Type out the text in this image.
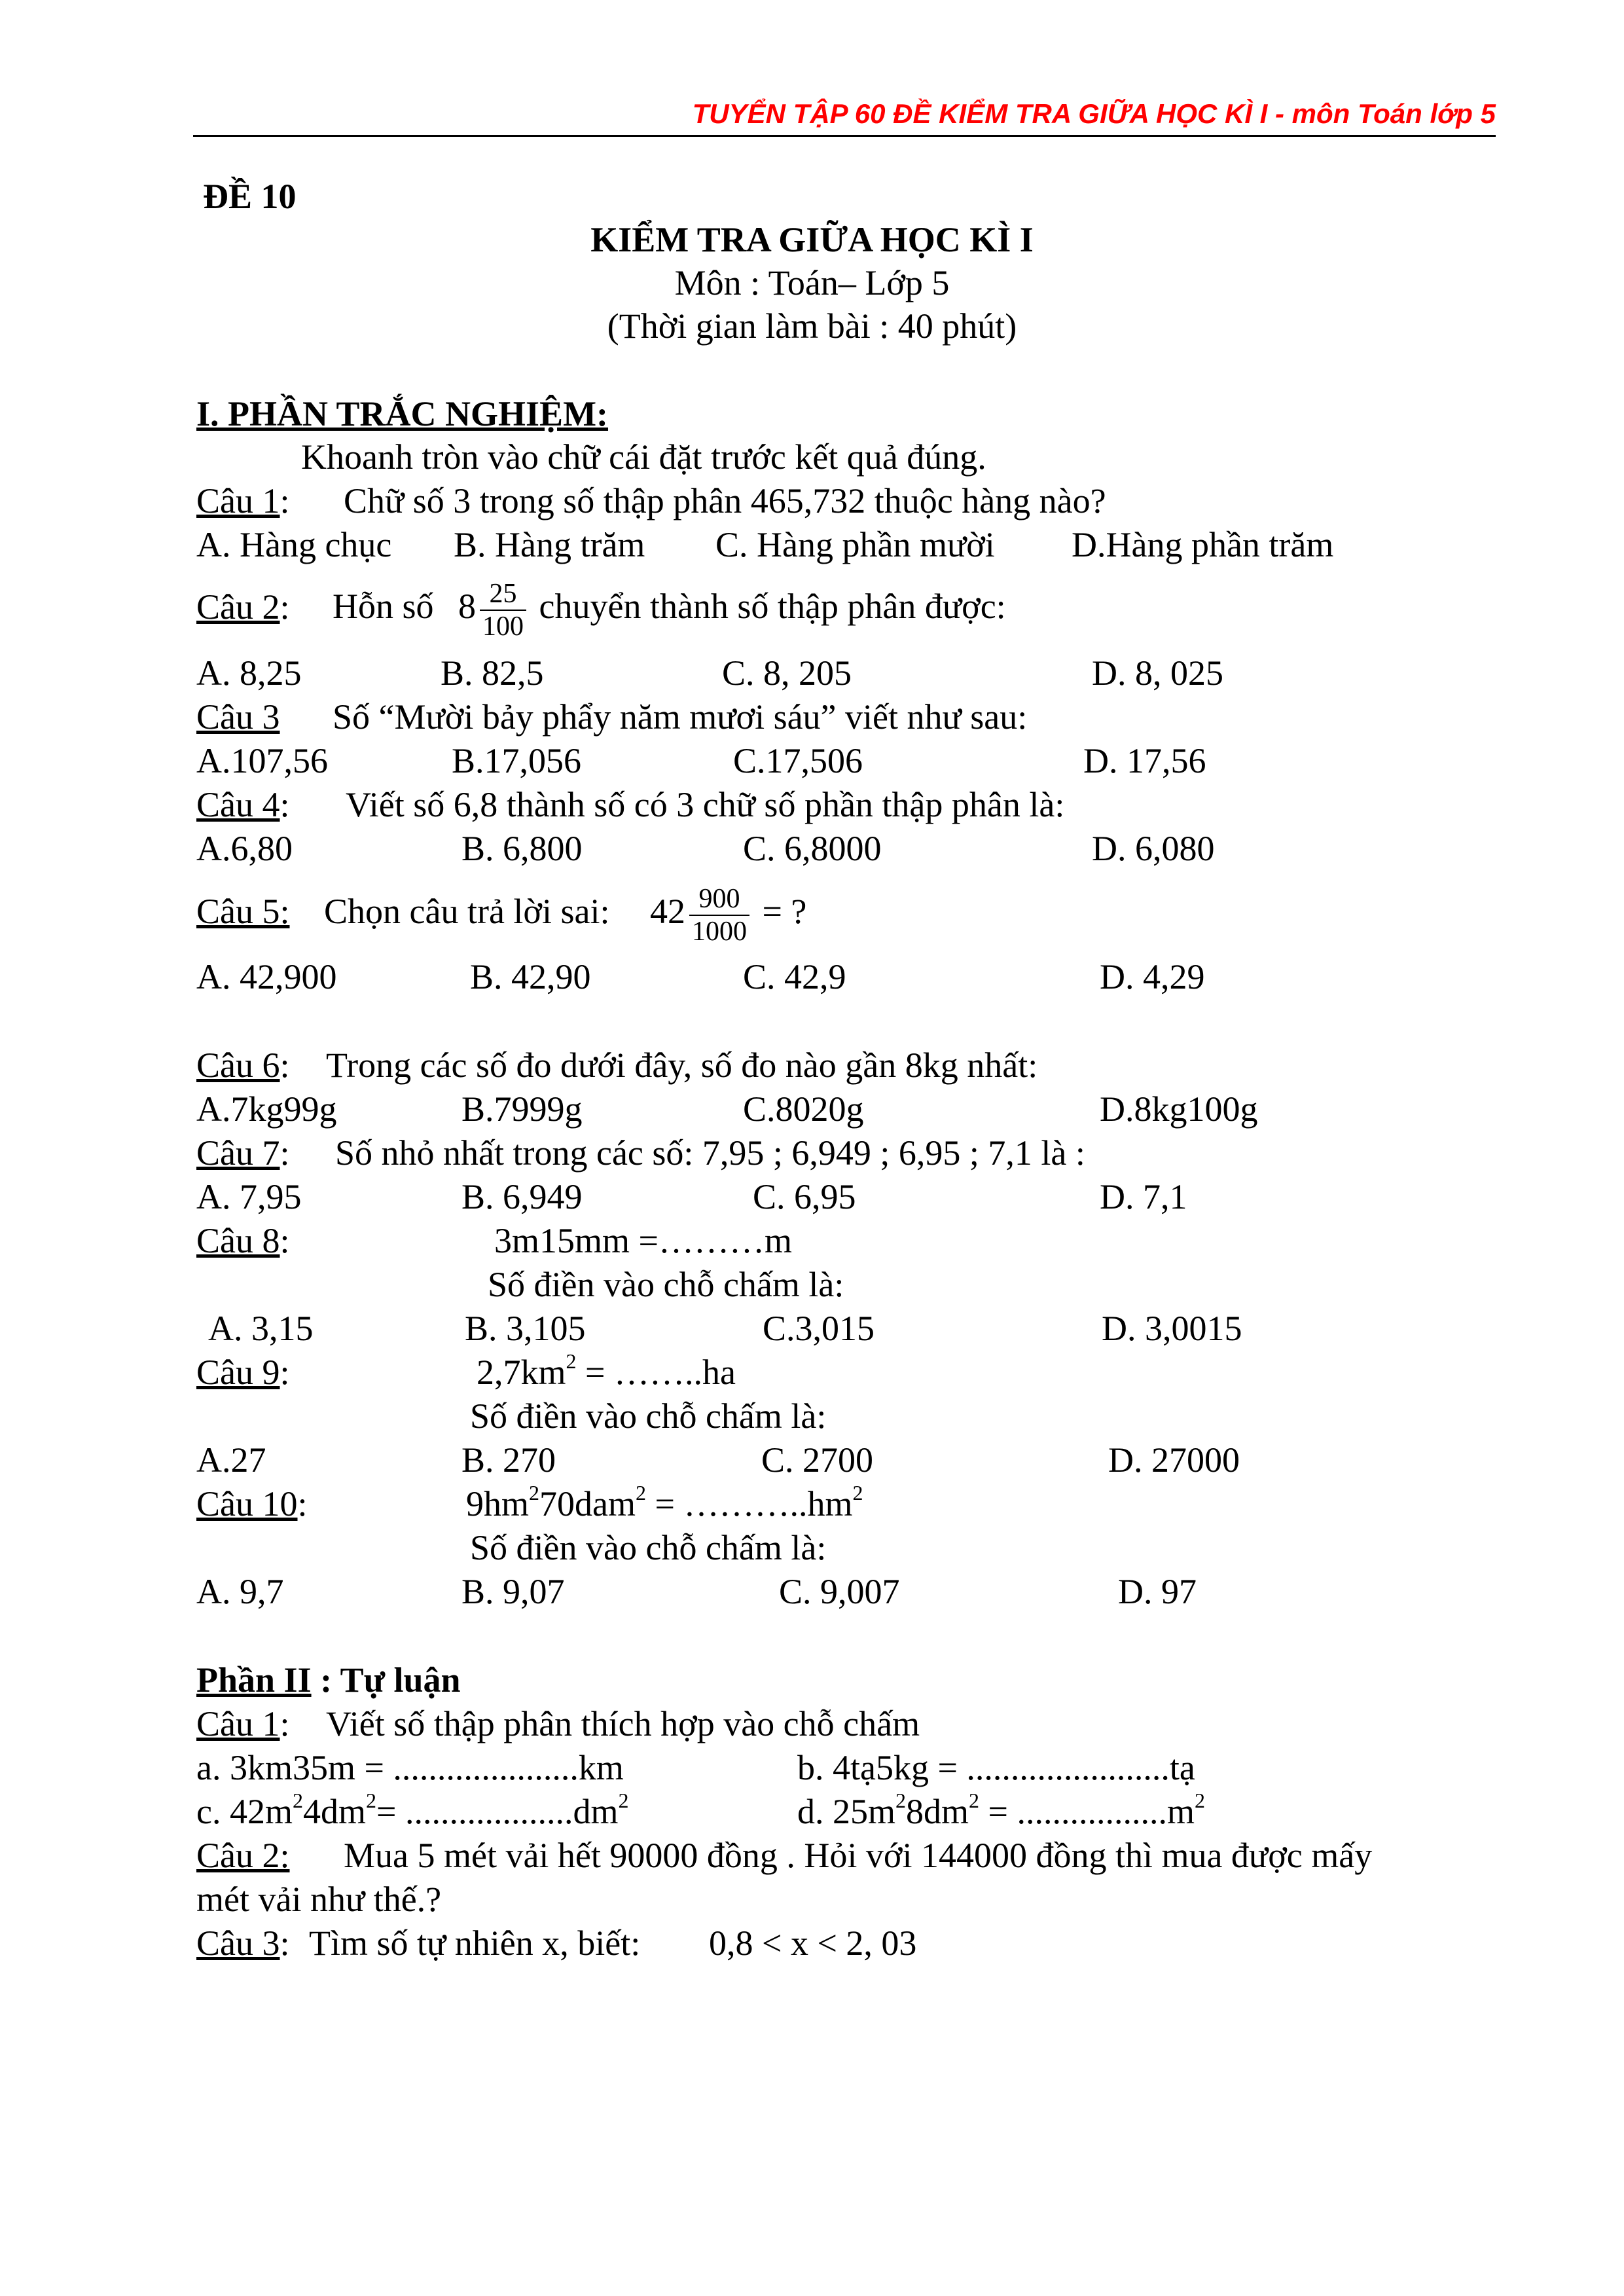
TUYỂN TẬP 60 ĐỀ KIỂM TRA GIỮA HỌC KÌ I - môn Toán lớp 5
ĐỀ 10
KIỂM TRA GIỮA HỌC KÌ I
Môn : Toán– Lớp 5
(Thời gian làm bài : 40 phút)
I. PHẦN TRẮC NGHIỆM:
Khoanh tròn vào chữ cái đặt trước kết quả đúng.
Câu 1: Chữ số 3 trong số thập phân 465,732 thuộc hàng nào?
A. Hàng chục B. Hàng trăm C. Hàng phần mười D.Hàng phần trăm
Câu 2: Hỗn số $8 \frac{25}{100}$ chuyển thành số thập phân được:
A. 8,25	B. 82,5	C. 8, 205	D. 8, 025
Câu 3 Số “Mười bảy phẩy năm mươi sáu” viết như sau:
A.107,56	B.17,056	C.17,506	D. 17,56
Câu 4: Viết số 6,8 thành số có 3 chữ số phần thập phân là:
A.6,80	B. 6,800	C. 6,8000	D. 6,080
Câu 5: Chọn câu trả lời sai: $42 \frac{900}{1000}$ = ?
A. 42,900	B. 42,90	C. 42,9	D. 4,29
Câu 6: Trong các số đo dưới đây, số đo nào gần 8kg nhất:
A.7kg99g	B.7999g	C.8020g	D.8kg100g
Câu 7: Số nhỏ nhất trong các số: 7,95 ; 6,949 ; 6,95 ; 7,1 là :
A. 7,95	B. 6,949	C. 6,95	D. 7,1
Câu 8:	3m15mm =………m
Số điền vào chỗ chấm là:
A. 3,15	B. 3,105	C.3,015	D. 3,0015
Câu 9:	$2,7km^2$ = ……..ha
Số điền vào chỗ chấm là:
A.27	B. 270	C. 2700	D. 27000
Câu 10:	$9hm^270dam^2$ = $\dots\dots\dots..hm^2$
Số điền vào chỗ chấm là:
A. 9,7	B. 9,07	C. 9,007	D. 97
Phần II : Tự luận
Câu 1: Viết số thập phân thích hợp vào chỗ chấm
a. 3km35m = .....................km	b. 4tạ5kg = .......................tạ
c. $42m^24dm^2= ...................dm^2$	d. $25m^28dm^2 = .................m^2$
Câu 2: Mua 5 mét vải hết 90000 đồng . Hỏi với 144000 đồng thì mua được mấy
mét vải như thế.?
Câu 3: Tìm số tự nhiên x, biết: 0,8 < x < 2, 03
